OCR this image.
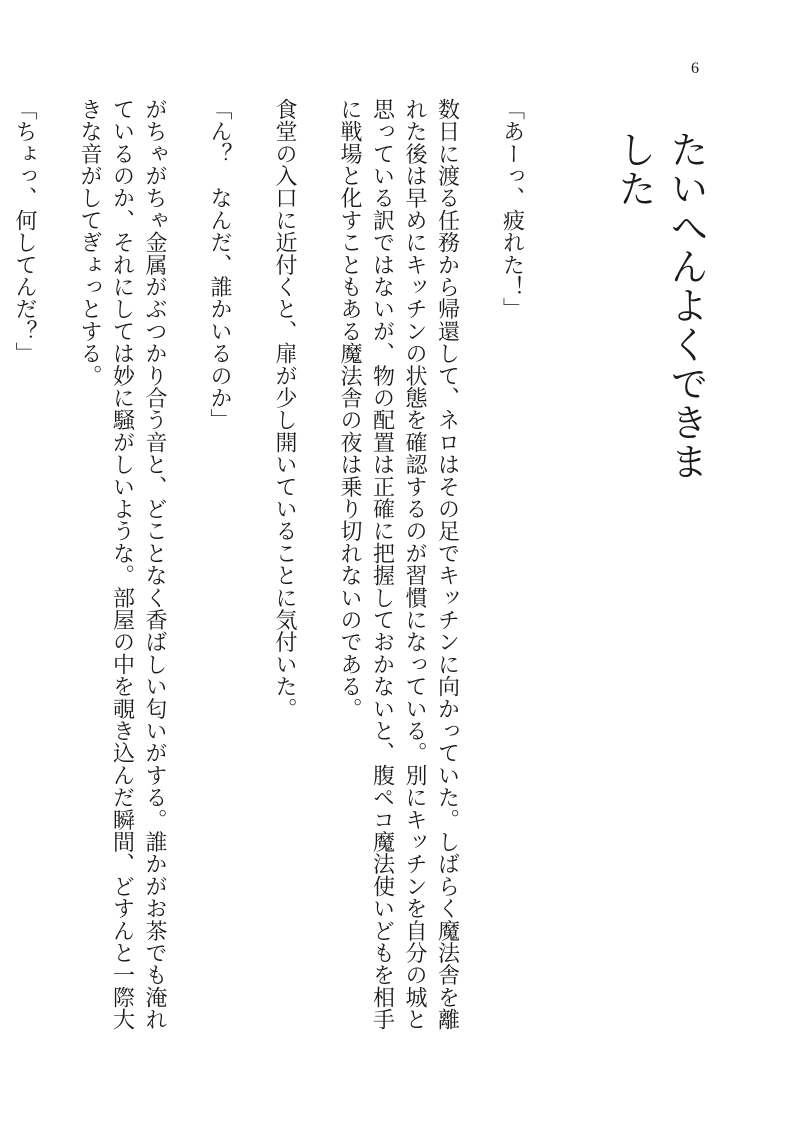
6
たいへんよくできました

「あーっ、疲れた！」

数日に渡る任務から帰還して、ネロはその足でキッチンに向かっていた。しばらく魔法舎を離れた後は早めにキッチンの状態を確認するのが習慣になっている。別にキッチンを自分の城と思っている訳ではないが、物の配置は正確に把握しておかないと、腹ペコ魔法使いどもを相手に戦場と化すこともある魔法舎の夜は乗り切れないのである。

食堂の入口に近付くと、扉が少し開いていることに気付いた。

「ん？　なんだ、誰かいるのか」

がちゃがちゃ金属がぶつかり合う音と、どことなく香ばしい匂いがする。誰かがお茶でも淹れているのか、それにしては妙に騒がしいような。部屋の中を覗き込んだ瞬間、どすんと一際大きな音がしてぎょっとする。

「ちょっ、何してんだ？」
